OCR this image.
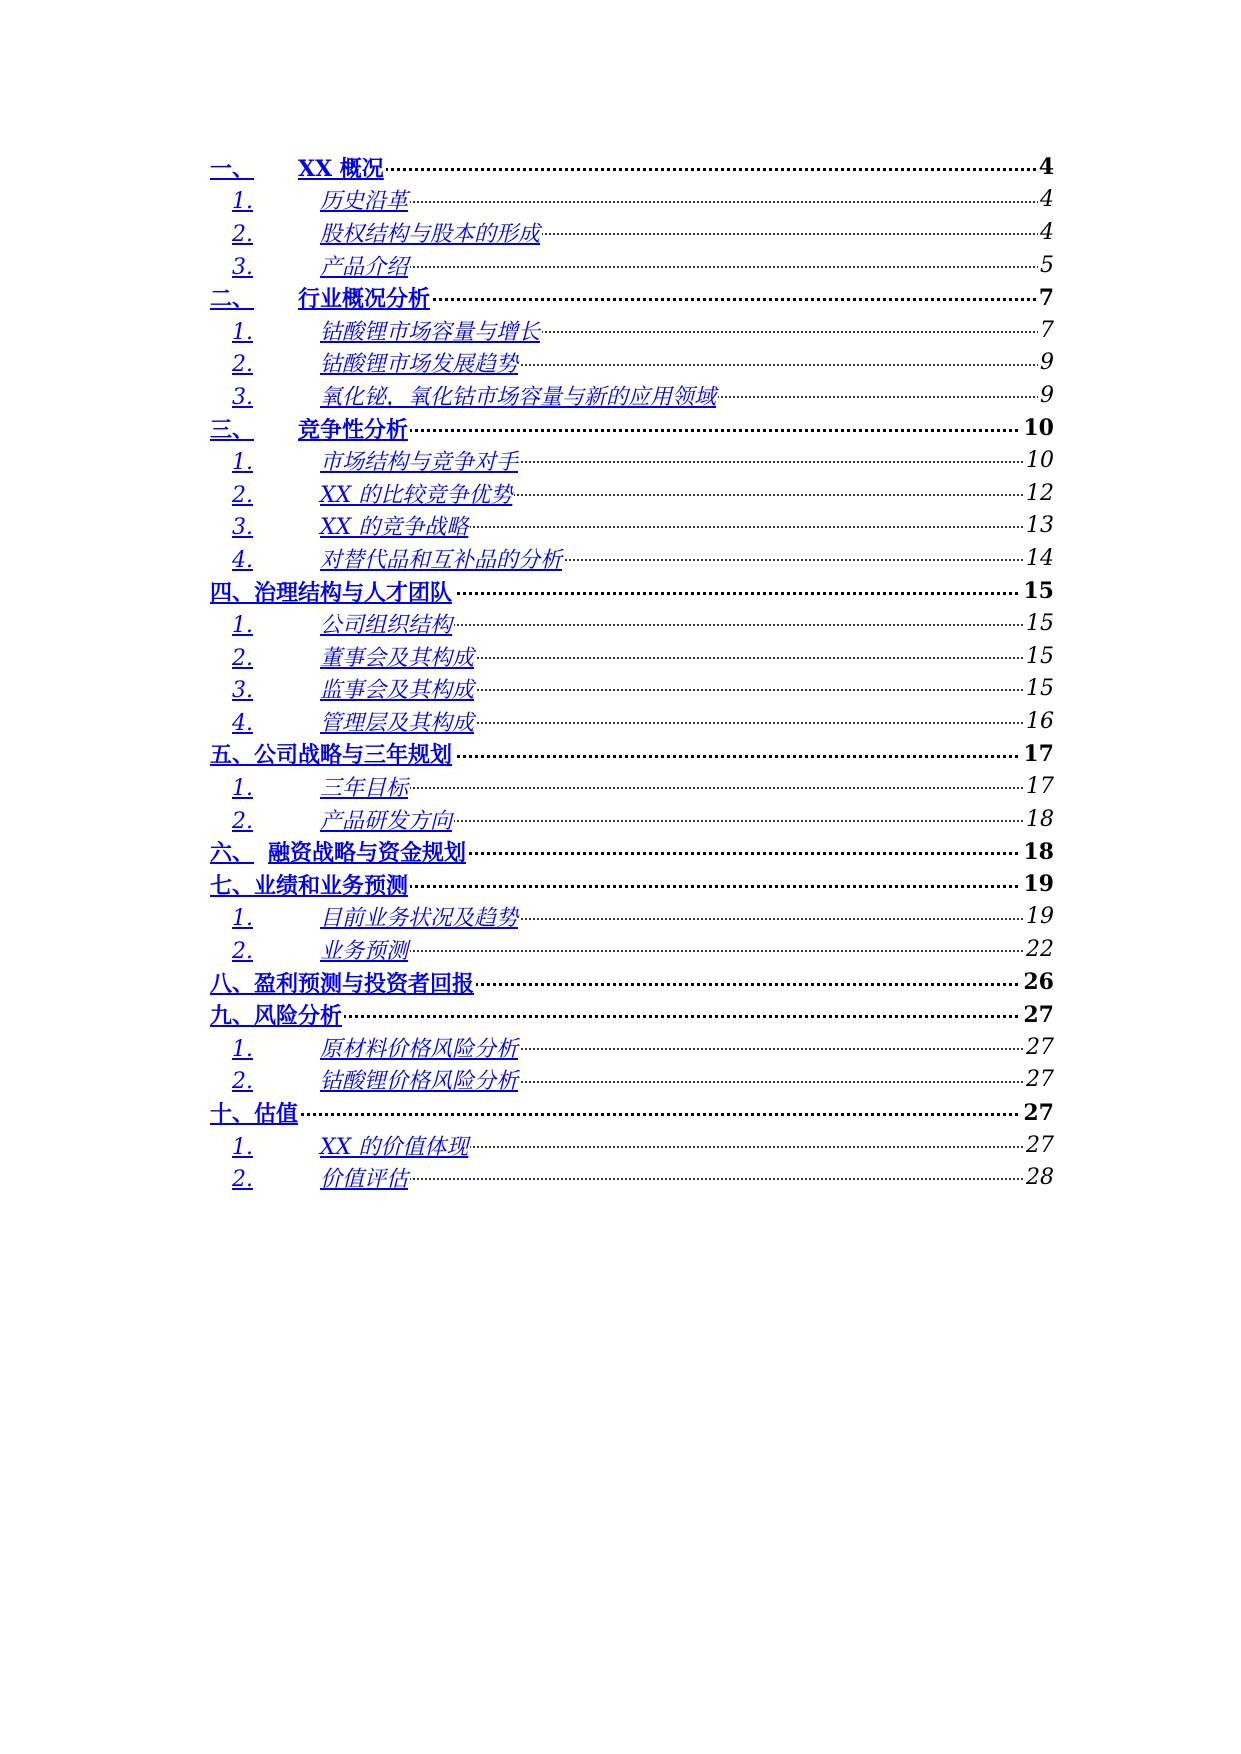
一、	XX 概况	4
1.	历史沿革	4
2.	股权结构与股本的形成	4
3.	产品介绍	5
二、	行业概况分析	7
1.	钴酸锂市场容量与增长	7
2.	钴酸锂市场发展趋势	9
3.	氧化铋，氧化钴市场容量与新的应用领域	9
三、	竞争性分析	10
1.	市场结构与竞争对手	10
2.	XX 的比较竞争优势	12
3.	XX 的竞争战略	13
4.	对替代品和互补品的分析	14
四、 治理结构与人才团队	15
1.	公司组织结构	15
2.	董事会及其构成	15
3.	监事会及其构成	15
4.	管理层及其构成	16
五、 公司战略与三年规划	17
1.	三年目标	17
2.	产品研发方向	18
六、 融资战略与资金规划	18
七、 业绩和业务预测	19
1.	目前业务状况及趋势	19
2.	业务预测	22
八、 盈利预测与投资者回报	26
九、 风险分析	27
1.	原材料价格风险分析	27
2.	钴酸锂价格风险分析	27
十、 估值	27
1.	XX 的价值体现	27
2.	价值评估	28
